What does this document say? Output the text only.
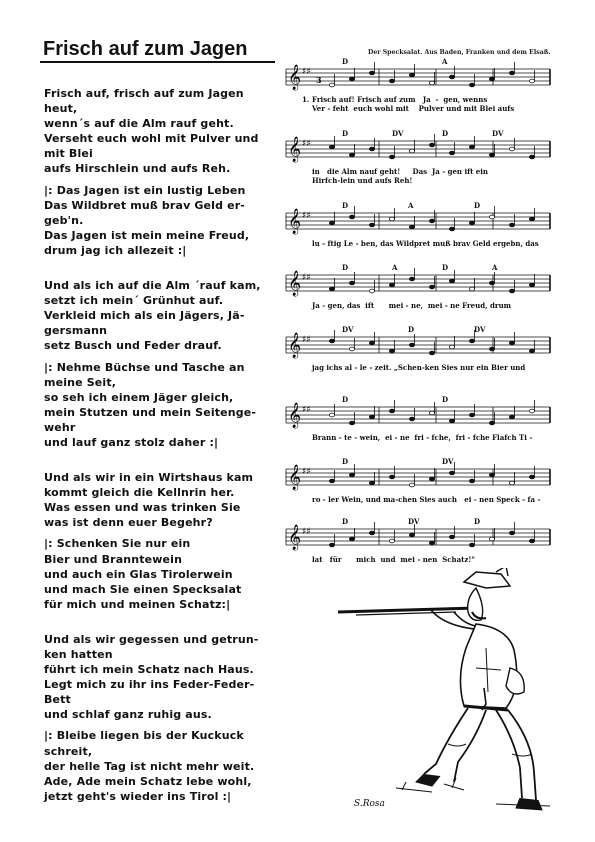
Frisch auf zum Jagen

Frisch auf, frisch auf zum Jagen heut,
wenn´s auf die Alm rauf geht.
Verseht euch wohl mit Pulver und mit Blei
aufs Hirschlein und aufs Reh.

|: Das Jagen ist ein lustig Leben
Das Wildbret muß brav Geld er-
geb'n.
Das Jagen ist mein meine Freud,
drum jag ich allezeit :|

Und als ich auf die Alm ´rauf kam,
setzt ich mein´ Grünhut auf.
Verkleid mich als ein Jägers, Jä-
gersmann
setz Busch und Feder drauf.

|: Nehme Büchse und Tasche an meine Seit,
so seh ich einem Jäger gleich,
mein Stutzen und mein Seitenge-
wehr
und lauf ganz stolz daher :|

Und als wir in ein Wirtshaus kam
kommt gleich die Kellnrin her.
Was essen und was trinken Sie
was ist denn euer Begehr?

|: Schenken Sie nur ein
Bier und Branntewein
und auch ein Glas Tirolerwein
und mach Sie einen Specksalat
für mich und meinen Schatz:|

Und als wir gegessen und getrun-
ken hatten
führt ich mein Schatz nach Haus.
Legt mich zu ihr ins Feder-Feder-
Bett
und schlaf ganz ruhig aus.

|: Bleibe liegen bis der Kuckuck schreit,
der helle Tag ist nicht mehr weit.
Ade, Ade mein Schatz lebe wohl,
jetzt geht's wieder ins Tirol :|

Der Specksalat. Aus Baden, Franken und dem Elsaß.
𝄞 ♯♯
3
D	A
1. Frisch auf! Frisch auf zum   Ja  -  gen, wenns
Ver - feht  euch wohl mit    Pulver und mit Blei aufs
𝄞 ♯♯
D	DV	D	DV
in   die Alm nauf geht!     Das  Ja - gen ift ein
Hirfch-lein und aufs Reh!
𝄞 ♯♯
D	A	D
lu - ftig Le - ben, das Wildpret muß brav Geld ergebn, das
𝄞 ♯♯
D	A	D	A
Ja - gen, das  ift      mei - ne,  mei - ne Freud, drum
𝄞 ♯♯
DV	D	DV
jag ichs al - le - zeit. „Schen-ken Sies nur ein Bier und
𝄞 ♯♯
D	D
Brann - te - wein,  ei - ne  fri - fche,  fri - fche Flafch Ti -
𝄞 ♯♯
D	DV
ro - ler Wein, und ma-chen Sies auch   ei - nen Speck - fa -
𝄞 ♯♯
D	DV	D
lat   für      mich  und  mei - nen  Schatz!"
S.Rosa
